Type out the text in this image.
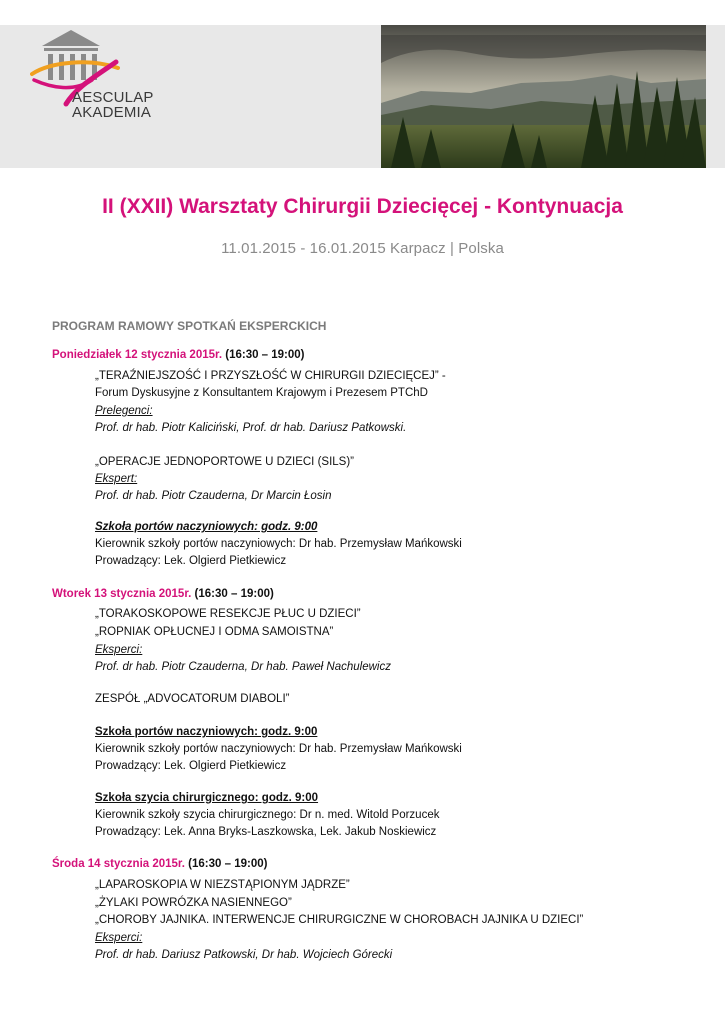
AESCULAP
AKADEMIA
II (XXII) Warsztaty Chirurgii Dziecięcej - Kontynuacja
11.01.2015 - 16.01.2015 Karpacz | Polska
PROGRAM RAMOWY SPOTKAŃ EKSPERCKICH
Poniedziałek 12 stycznia 2015r. (16:30 – 19:00)
„TERAŹNIEJSZOŚĆ I PRZYSZŁOŚĆ W CHIRURGII DZIECIĘCEJ” -
Forum Dyskusyjne z Konsultantem Krajowym i Prezesem PTChD
Prelegenci:
Prof. dr hab. Piotr Kaliciński, Prof. dr hab. Dariusz Patkowski.
„OPERACJE JEDNOPORTOWE U DZIECI (SILS)”
Ekspert:
Prof. dr hab. Piotr Czauderna, Dr Marcin Łosin
Szkoła portów naczyniowych: godz. 9:00
Kierownik szkoły portów naczyniowych: Dr hab. Przemysław Mańkowski
Prowadzący: Lek. Olgierd Pietkiewicz
Wtorek 13 stycznia 2015r. (16:30 – 19:00)
„TORAKOSKOPOWE RESEKCJE PŁUC U DZIECI”
„ROPNIAK OPŁUCNEJ I ODMA SAMOISTNA”
Eksperci:
Prof. dr hab. Piotr Czauderna, Dr hab. Paweł Nachulewicz
ZESPÓŁ „ADVOCATORUM DIABOLI”
Szkoła portów naczyniowych: godz. 9:00
Kierownik szkoły portów naczyniowych: Dr hab. Przemysław Mańkowski
Prowadzący: Lek. Olgierd Pietkiewicz
Szkoła szycia chirurgicznego: godz. 9:00
Kierownik szkoły szycia chirurgicznego: Dr n. med. Witold Porzucek
Prowadzący: Lek. Anna Bryks-Laszkowska, Lek. Jakub Noskiewicz
Środa 14 stycznia 2015r. (16:30 – 19:00)
„LAPAROSKOPIA W NIEZSTĄPIONYM JĄDRZE”
„ŻYLAKI POWRÓZKA NASIENNEGO”
„CHOROBY JAJNIKA. INTERWENCJE CHIRURGICZNE W CHOROBACH JAJNIKA U DZIECI”
Eksperci:
Prof. dr hab. Dariusz Patkowski, Dr hab. Wojciech Górecki
